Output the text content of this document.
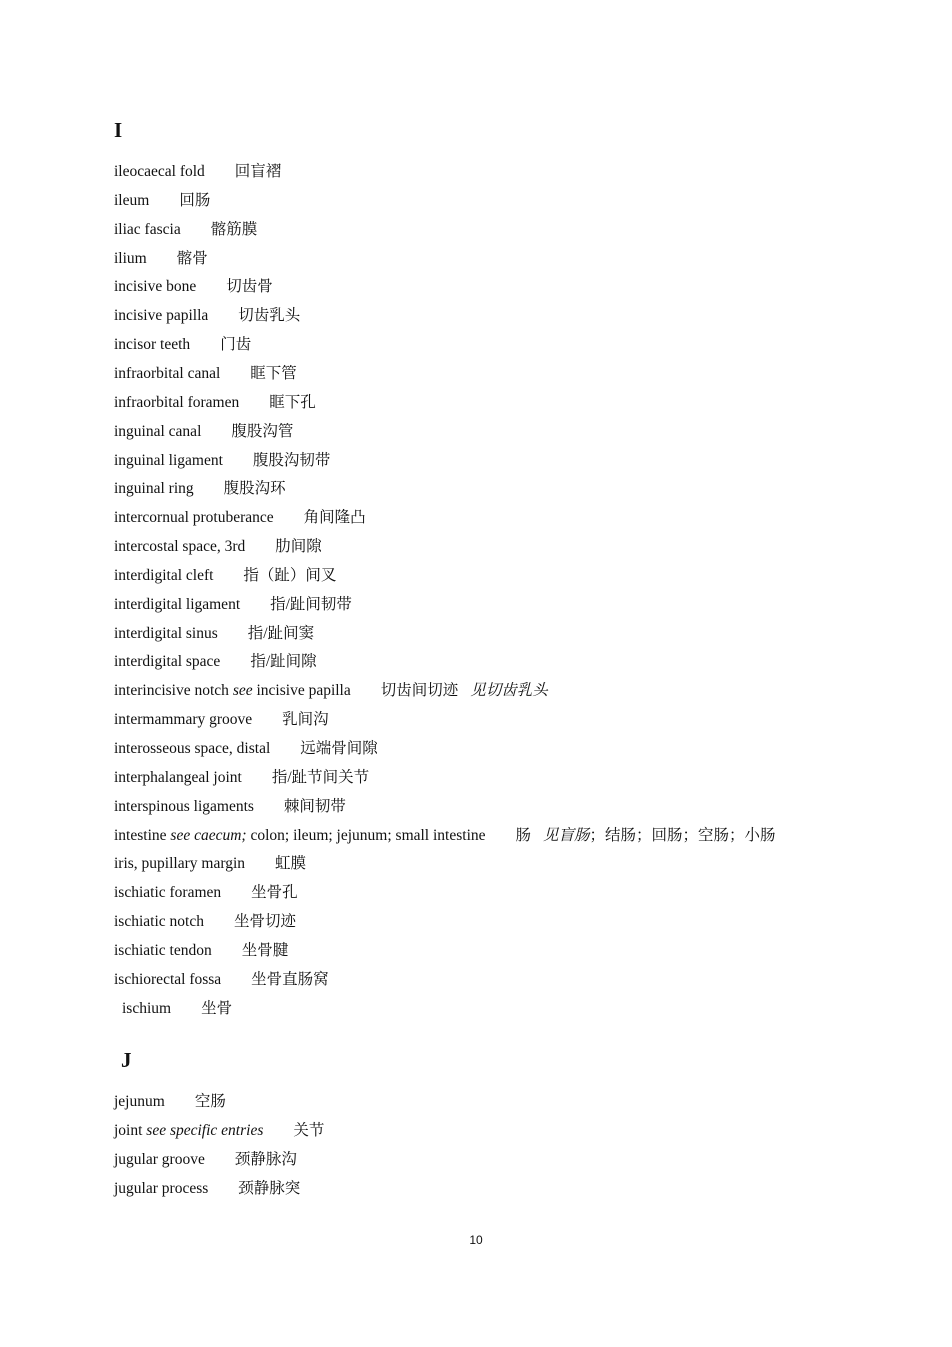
I
ileocaecal fold 回盲褶
ileum 回肠
iliac fascia 髂筋膜
ilium 髂骨
incisive bone 切齿骨
incisive papilla 切齿乳头
incisor teeth 门齿
infraorbital canal 眶下管
infraorbital foramen 眶下孔
inguinal canal 腹股沟管
inguinal ligament 腹股沟韧带
inguinal ring 腹股沟环
intercornual protuberance 角间隆凸
intercostal space, 3rd 肋间隙
interdigital cleft 指（趾）间叉
interdigital ligament 指/趾间韧带
interdigital sinus 指/趾间窦
interdigital space 指/趾间隙
interincisive notch see incisive papilla 切齿间切迹 见切齿乳头
intermammary groove 乳间沟
interosseous space, distal 远端骨间隙
interphalangeal joint 指/趾节间关节
interspinous ligaments 棘间韧带
intestine see caecum; colon; ileum; jejunum; small intestine 肠 见盲肠；结肠；回肠；空肠；小肠
iris, pupillary margin 虹膜
ischiatic foramen 坐骨孔
ischiatic notch 坐骨切迹
ischiatic tendon 坐骨腱
ischiorectal fossa 坐骨直肠窝
ischium 坐骨
J
jejunum 空肠
joint see specific entries 关节
jugular groove 颈静脉沟
jugular process 颈静脉突
10
